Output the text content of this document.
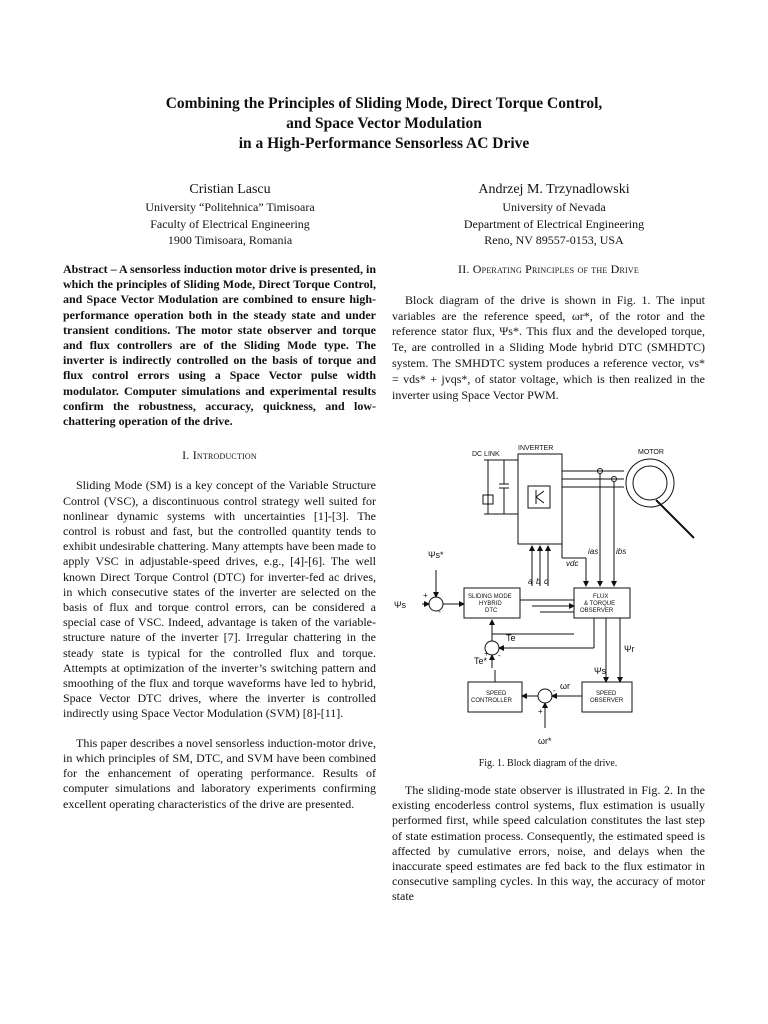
Combining the Principles of Sliding Mode, Direct Torque Control,
and Space Vector Modulation
in a High-Performance Sensorless AC Drive
Cristian Lascu
University “Politehnica” Timisoara
Faculty of Electrical Engineering
1900 Timisoara, Romania
Andrzej M. Trzynadlowski
University of Nevada
Department of Electrical Engineering
Reno, NV 89557-0153, USA
Abstract – A sensorless induction motor drive is presented, in which the principles of Sliding Mode, Direct Torque Control, and Space Vector Modulation are combined to ensure high-performance operation both in the steady state and under transient conditions. The motor state observer and torque and flux controllers are of the Sliding Mode type. The inverter is indirectly controlled on the basis of torque and flux control errors using a Space Vector pulse width modulator. Computer simulations and experimental results confirm the robustness, accuracy, quickness, and low-chattering operation of the drive.
I. Introduction

Sliding Mode (SM) is a key concept of the Variable Structure Control (VSC), a discontinuous control strategy well suited for nonlinear dynamic systems with uncertainties [1]-[3]. The control is robust and fast, but the controlled quantity tends to exhibit undesirable chattering. Many attempts have been made to apply VSC in adjustable-speed drives, e.g., [4]-[6]. The well known Direct Torque Control (DTC) for inverter-fed ac drives, in which consecutive states of the inverter are selected on the basis of flux and torque control errors, can be considered a special case of VSC. Indeed, advantage is taken of the variable-structure nature of the inverter [7]. Irregular chattering in the steady state is typical for the controlled flux and torque. Attempts at optimization of the inverter’s switching pattern and smoothing of the flux and torque waveforms have led to hybrid, Space Vector DTC drives, where the inverter is controlled indirectly using Space Vector Modulation (SVM) [8]-[11].

This paper describes a novel sensorless induction-motor drive, in which principles of SM, DTC, and SVM have been combined for the enhancement of operating performance. Results of computer simulations and laboratory experiments confirming excellent operating characteristics of the drive are presented.

II. Operating Principles of the Drive

Block diagram of the drive is shown in Fig. 1. The input variables are the reference speed, ωr*, of the rotor and the reference stator flux, Ψs*. This flux and the developed torque, Te, are controlled in a Sliding Mode hybrid DTC (SMHDTC) system. The SMHDTC system produces a reference vector, vs* = vds* + jvqs*, of stator voltage, which is then realized in the inverter using Space Vector PWM.

INVERTER
DC LINK	MOTOR
SLIDING MODE
HYBRID
DTC
FLUX
& TORQUE
OBSERVER
SPEED
CONTROLLER
SPEED
OBSERVER
a b c
ias ibs
vdc
Ψs*
Ψs
Ψs
Ψr
Te
Te*
ωr
ωr*
+
-
+ -
-
+
Fig. 1. Block diagram of the drive.

The sliding-mode state observer is illustrated in Fig. 2. In the existing encoderless control systems, flux estimation is usually performed first, while speed calculation constitutes the last step of state estimation process. Consequently, the estimated speed is affected by cumulative errors, noise, and delays when the inaccurate speed estimates are fed back to the flux estimator in consecutive sampling cycles. In this way, the accuracy of motor state
